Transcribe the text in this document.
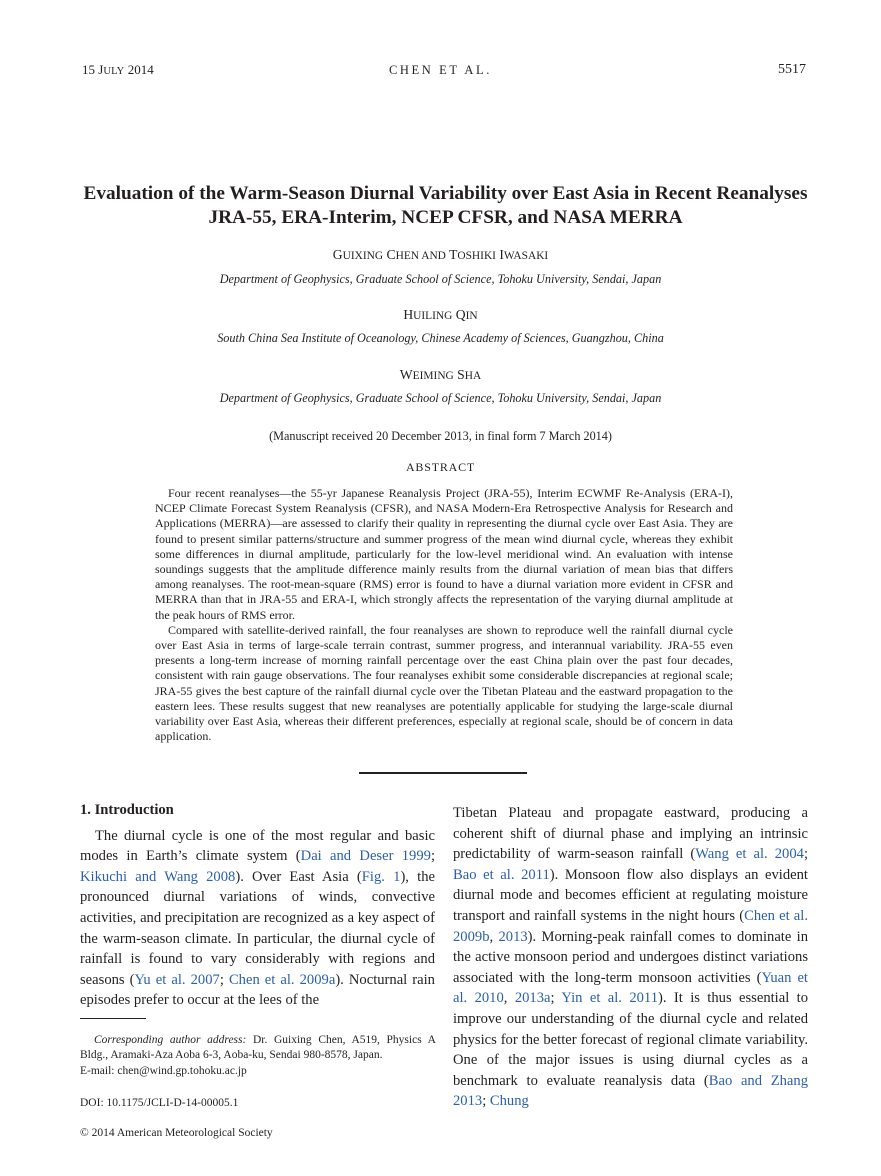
15 JULY 2014	CHEN ET AL.	5517
Evaluation of the Warm-Season Diurnal Variability over East Asia in Recent Reanalyses
JRA-55, ERA-Interim, NCEP CFSR, and NASA MERRA
GUIXING CHEN AND TOSHIKI IWASAKI
Department of Geophysics, Graduate School of Science, Tohoku University, Sendai, Japan
HUILING QIN
South China Sea Institute of Oceanology, Chinese Academy of Sciences, Guangzhou, China
WEIMING SHA
Department of Geophysics, Graduate School of Science, Tohoku University, Sendai, Japan
(Manuscript received 20 December 2013, in final form 7 March 2014)
ABSTRACT

Four recent reanalyses—the 55-yr Japanese Reanalysis Project (JRA-55), Interim ECWMF Re-Analysis (ERA-I), NCEP Climate Forecast System Reanalysis (CFSR), and NASA Modern-Era Retrospective Analysis for Research and Applications (MERRA)—are assessed to clarify their quality in representing the diurnal cycle over East Asia. They are found to present similar patterns/structure and summer progress of the mean wind diurnal cycle, whereas they exhibit some differences in diurnal amplitude, particularly for the low-level meridional wind. An evaluation with intense soundings suggests that the amplitude difference mainly results from the diurnal variation of mean bias that differs among reanalyses. The root-mean-square (RMS) error is found to have a diurnal variation more evident in CFSR and MERRA than that in JRA-55 and ERA-I, which strongly affects the representation of the varying diurnal amplitude at the peak hours of RMS error.

Compared with satellite-derived rainfall, the four reanalyses are shown to reproduce well the rainfall diurnal cycle over East Asia in terms of large-scale terrain contrast, summer progress, and interannual variability. JRA-55 even presents a long-term increase of morning rainfall percentage over the east China plain over the past four decades, consistent with rain gauge observations. The four reanalyses exhibit some considerable discrepancies at regional scale; JRA-55 gives the best capture of the rainfall diurnal cycle over the Tibetan Plateau and the eastward propagation to the eastern lees. These results suggest that new reanalyses are potentially applicable for studying the large-scale diurnal variability over East Asia, whereas their different preferences, especially at regional scale, should be of concern in data application.

1. Introduction

The diurnal cycle is one of the most regular and basic modes in Earth’s climate system (Dai and Deser 1999; Kikuchi and Wang 2008). Over East Asia (Fig. 1), the pronounced diurnal variations of winds, convective activities, and precipitation are recognized as a key aspect of the warm-season climate. In particular, the diurnal cycle of rainfall is found to vary considerably with regions and seasons (Yu et al. 2007; Chen et al. 2009a). Nocturnal rain episodes prefer to occur at the lees of the

Tibetan Plateau and propagate eastward, producing a coherent shift of diurnal phase and implying an intrinsic predictability of warm-season rainfall (Wang et al. 2004; Bao et al. 2011). Monsoon flow also displays an evident diurnal mode and becomes efficient at regulating moisture transport and rainfall systems in the night hours (Chen et al. 2009b, 2013). Morning-peak rainfall comes to dominate in the active monsoon period and undergoes distinct variations associated with the long-term monsoon activities (Yuan et al. 2010, 2013a; Yin et al. 2011). It is thus essential to improve our understanding of the diurnal cycle and related physics for the better forecast of regional climate variability. One of the major issues is using diurnal cycles as a benchmark to evaluate reanalysis data (Bao and Zhang 2013; Chung

Corresponding author address: Dr. Guixing Chen, A519, Physics A Bldg., Aramaki-Aza Aoba 6-3, Aoba-ku, Sendai 980-8578, Japan.

E-mail: chen@wind.gp.tohoku.ac.jp
DOI: 10.1175/JCLI-D-14-00005.1
© 2014 American Meteorological Society
